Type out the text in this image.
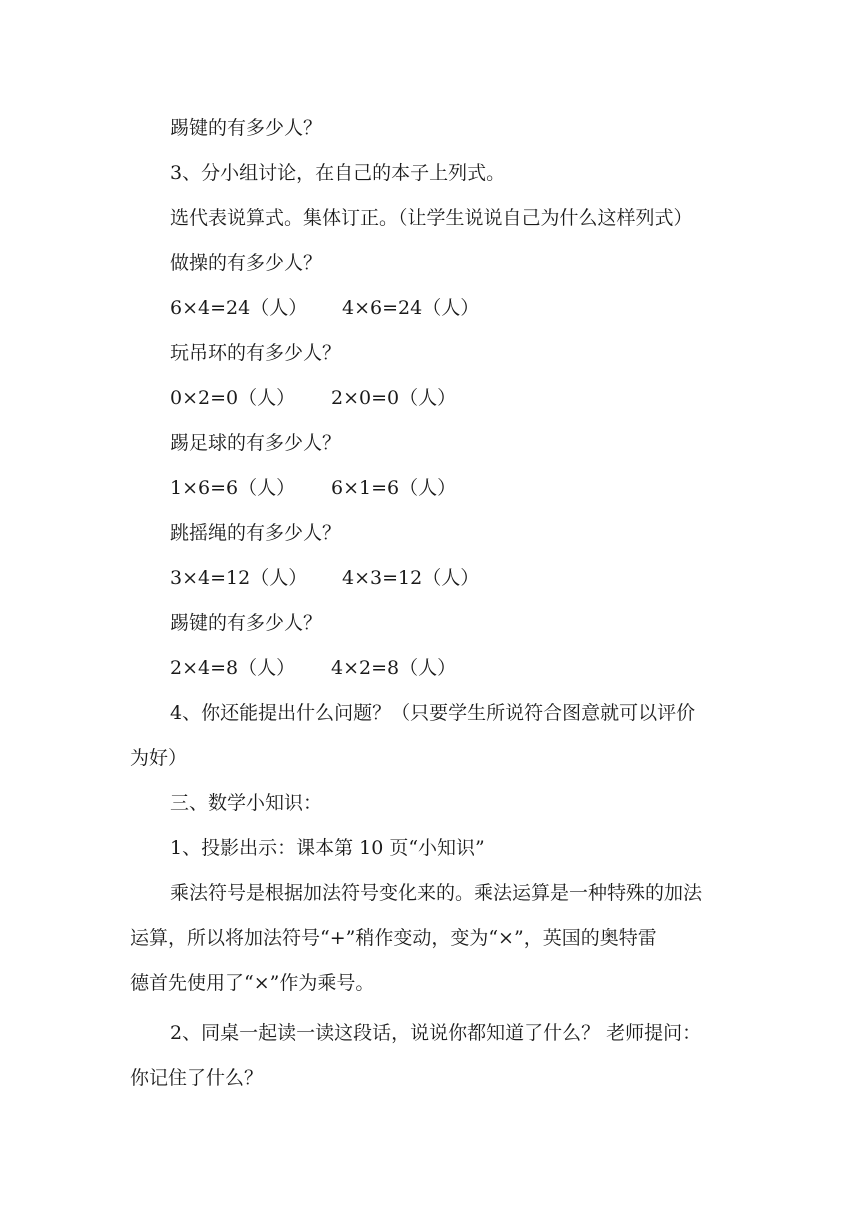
踢键的有多少人？
3、分小组讨论，在自己的本子上列式。
选代表说算式。集体订正。（让学生说说自己为什么这样列式）
做操的有多少人？
6×4=24（人） 4×6=24（人）
玩吊环的有多少人？
0×2=0（人） 2×0=0（人）
踢足球的有多少人？
1×6=6（人） 6×1=6（人）
跳摇绳的有多少人？
3×4=12（人） 4×3=12（人）
踢键的有多少人？
2×4=8（人） 4×2=8（人）
4、你还能提出什么问题？（只要学生所说符合图意就可以评价
为好）
三、数学小知识：
1、投影出示：课本第 10 页“小知识”
乘法符号是根据加法符号变化来的。乘法运算是一种特殊的加法
运算，所以将加法符号“+”稍作变动，变为“×”，英国的奥特雷
德首先使用了“×”作为乘号。
2、同桌一起读一读这段话，说说你都知道了什么？ 老师提问：
你记住了什么？
